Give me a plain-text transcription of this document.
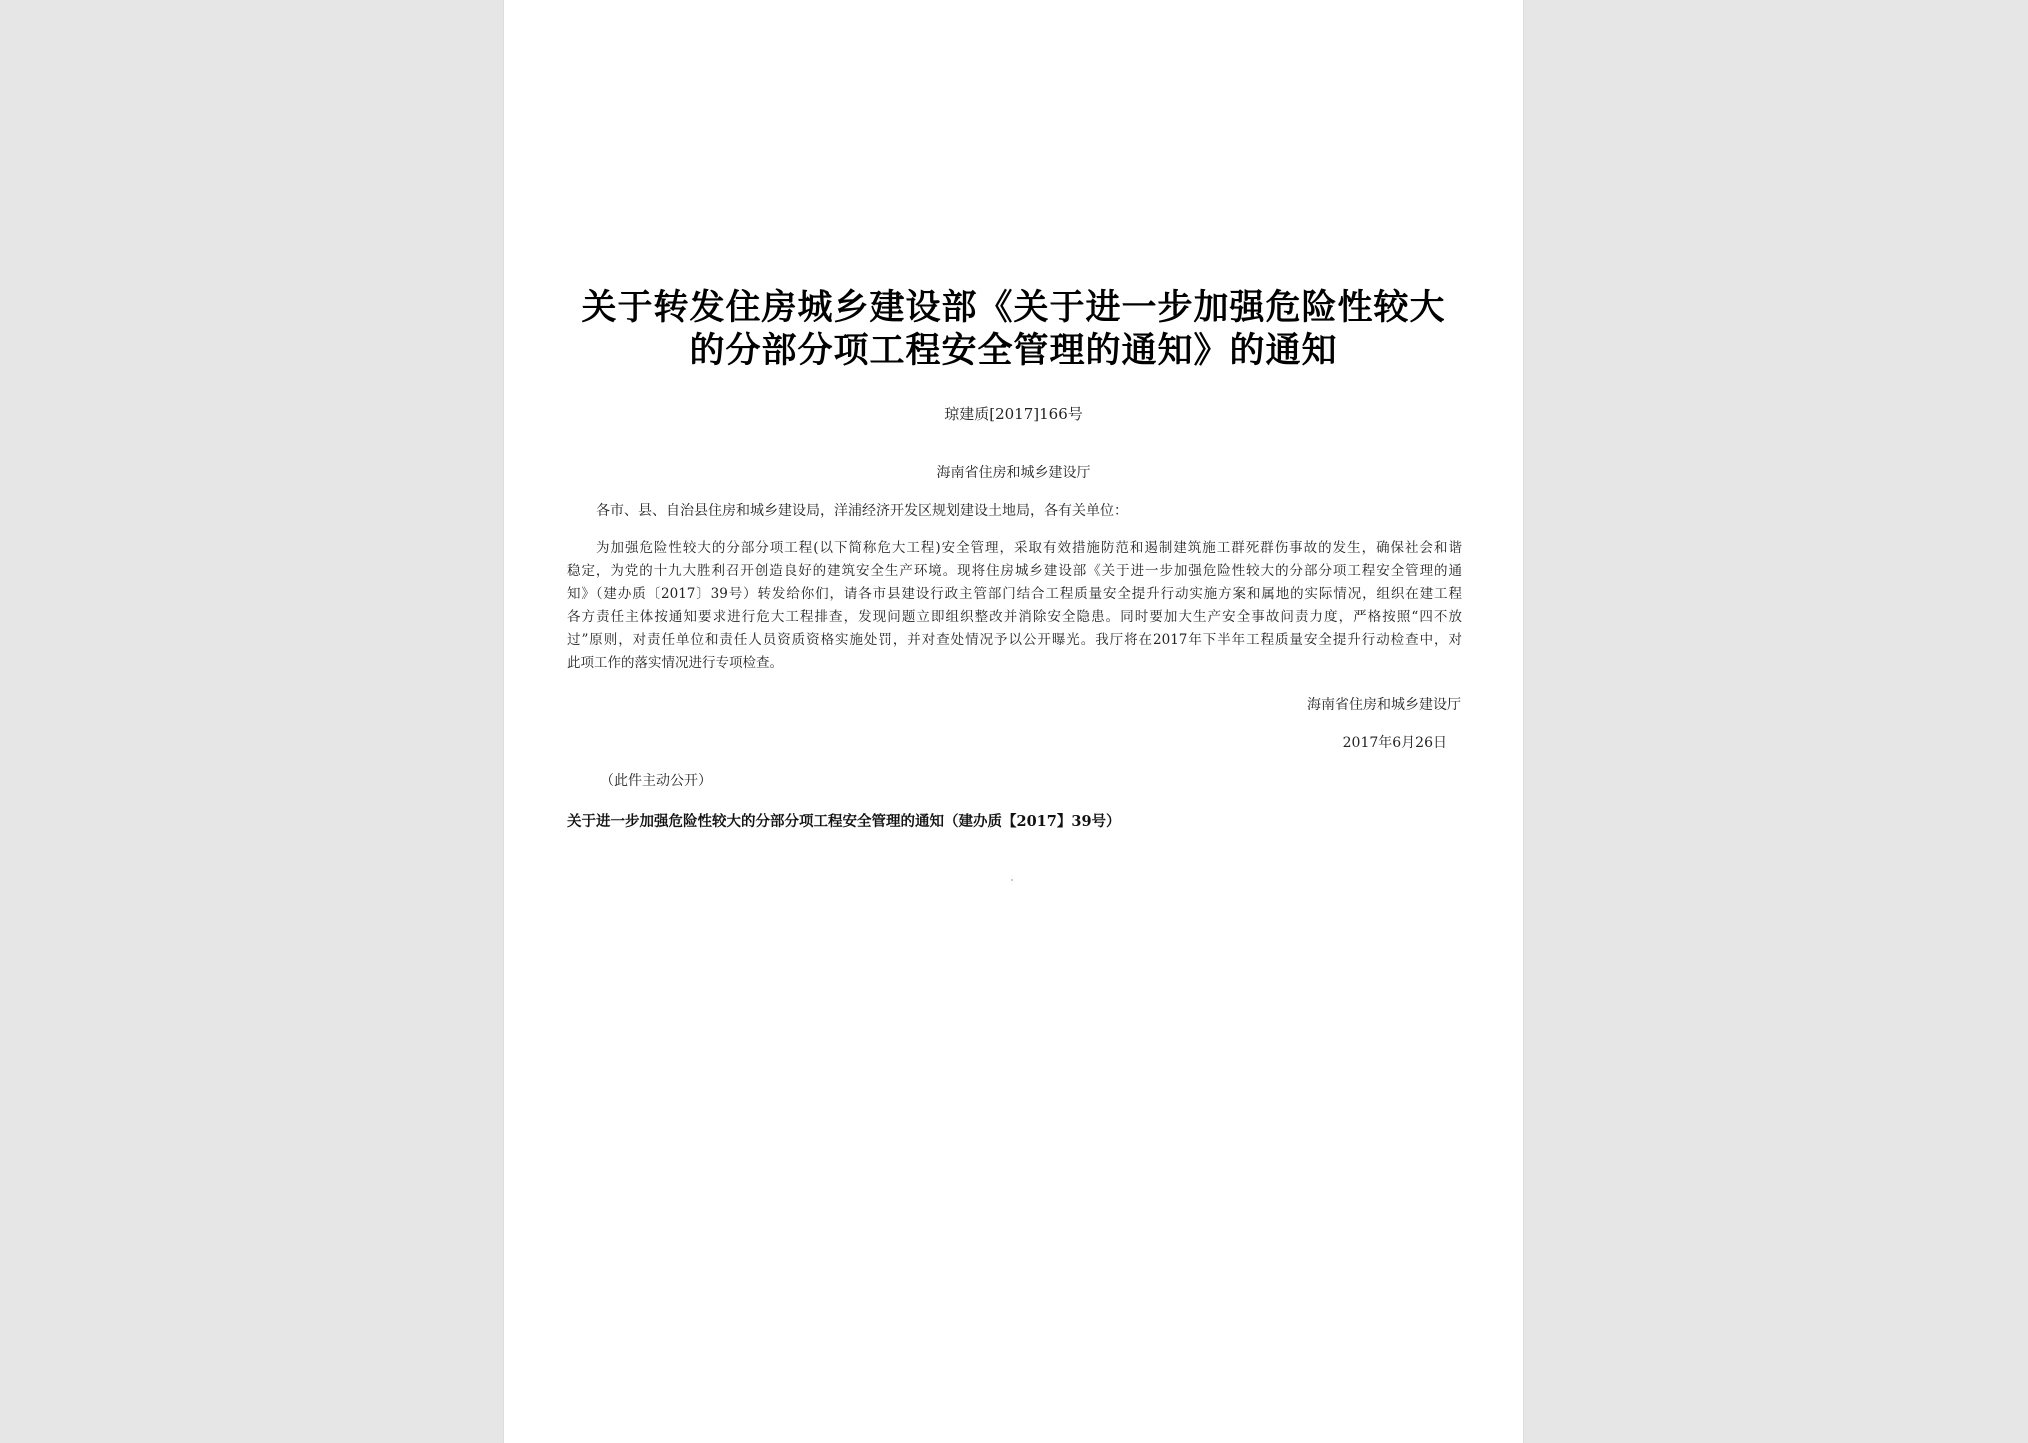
关于转发住房城乡建设部《关于进一步加强危险性较大
的分部分项工程安全管理的通知》的通知
琼建质[2017]166号
海南省住房和城乡建设厅
各市、县、自治县住房和城乡建设局，洋浦经济开发区规划建设土地局，各有关单位：
为加强危险性较大的分部分项工程(以下简称危大工程)安全管理，采取有效措施防范和遏制建筑施工群死群伤事故的发生，确保社会和谐
稳定，为党的十九大胜利召开创造良好的建筑安全生产环境。现将住房城乡建设部《关于进一步加强危险性较大的分部分项工程安全管理的通
知》（建办质〔2017〕39号）转发给你们，请各市县建设行政主管部门结合工程质量安全提升行动实施方案和属地的实际情况，组织在建工程
各方责任主体按通知要求进行危大工程排查，发现问题立即组织整改并消除安全隐患。同时要加大生产安全事故问责力度，严格按照“四不放
过”原则，对责任单位和责任人员资质资格实施处罚，并对查处情况予以公开曝光。我厅将在2017年下半年工程质量安全提升行动检查中，对
此项工作的落实情况进行专项检查。
海南省住房和城乡建设厅
2017年6月26日
（此件主动公开）
关于进一步加强危险性较大的分部分项工程安全管理的通知（建办质【2017】39号）
